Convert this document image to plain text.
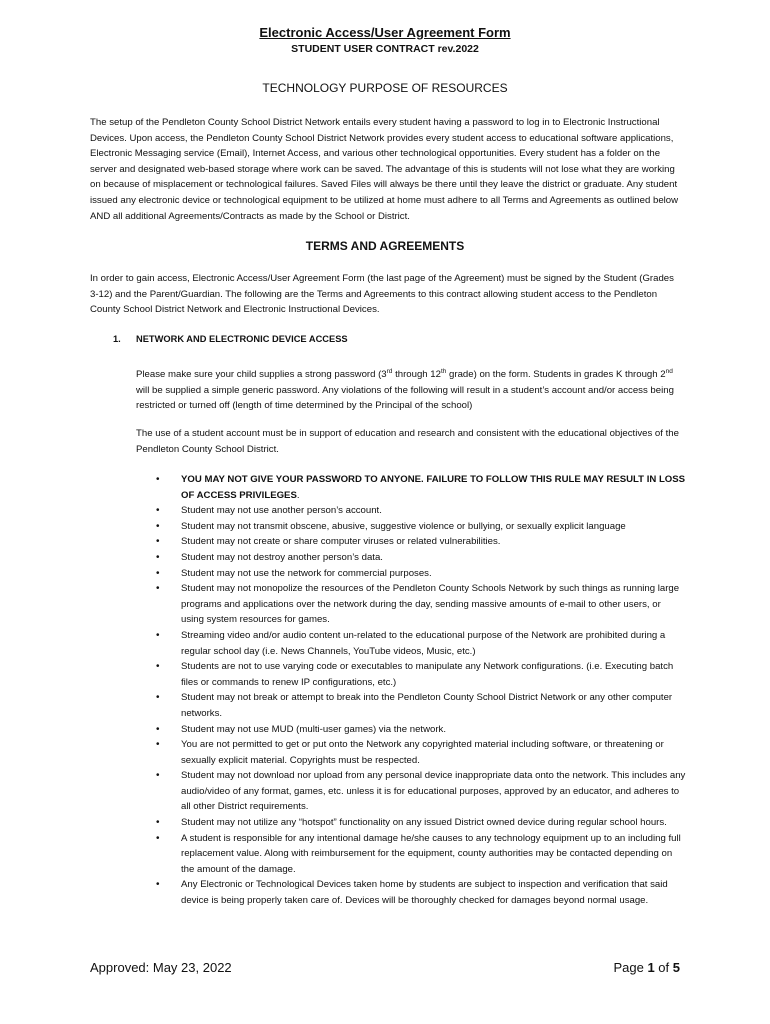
Electronic Access/User Agreement Form
STUDENT USER CONTRACT rev.2022
TECHNOLOGY PURPOSE OF RESOURCES
The setup of the Pendleton County School District Network entails every student having a password to log in to Electronic Instructional Devices. Upon access, the Pendleton County School District Network provides every student access to educational software applications, Electronic Messaging service (Email), Internet Access, and various other technological opportunities. Every student has a folder on the server and designated web-based storage where work can be saved. The advantage of this is students will not lose what they are working on because of misplacement or technological failures. Saved Files will always be there until they leave the district or graduate. Any student issued any electronic device or technological equipment to be utilized at home must adhere to all Terms and Agreements as outlined below AND all additional Agreements/Contracts as made by the School or District.
TERMS AND AGREEMENTS
In order to gain access, Electronic Access/User Agreement Form (the last page of the Agreement) must be signed by the Student (Grades 3-12) and the Parent/Guardian. The following are the Terms and Agreements to this contract allowing student access to the Pendleton County School District Network and Electronic Instructional Devices.
1. NETWORK AND ELECTRONIC DEVICE ACCESS
Please make sure your child supplies a strong password (3rd through 12th grade) on the form. Students in grades K through 2nd will be supplied a simple generic password. Any violations of the following will result in a student’s account and/or access being restricted or turned off (length of time determined by the Principal of the school)
The use of a student account must be in support of education and research and consistent with the educational objectives of the Pendleton County School District.
• YOU MAY NOT GIVE YOUR PASSWORD TO ANYONE. FAILURE TO FOLLOW THIS RULE MAY RESULT IN LOSS OF ACCESS PRIVILEGES.
• Student may not use another person’s account.
• Student may not transmit obscene, abusive, suggestive violence or bullying, or sexually explicit language
• Student may not create or share computer viruses or related vulnerabilities.
• Student may not destroy another person’s data.
• Student may not use the network for commercial purposes.
• Student may not monopolize the resources of the Pendleton County Schools Network by such things as running large programs and applications over the network during the day, sending massive amounts of e-mail to other users, or using system resources for games.
• Streaming video and/or audio content un-related to the educational purpose of the Network are prohibited during a regular school day (i.e. News Channels, YouTube videos, Music, etc.)
• Students are not to use varying code or executables to manipulate any Network configurations. (i.e. Executing batch files or commands to renew IP configurations, etc.)
• Student may not break or attempt to break into the Pendleton County School District Network or any other computer networks.
• Student may not use MUD (multi-user games) via the network.
• You are not permitted to get or put onto the Network any copyrighted material including software, or threatening or sexually explicit material. Copyrights must be respected.
• Student may not download nor upload from any personal device inappropriate data onto the network. This includes any audio/video of any format, games, etc. unless it is for educational purposes, approved by an educator, and adheres to all other District requirements.
• Student may not utilize any “hotspot” functionality on any issued District owned device during regular school hours.
• A student is responsible for any intentional damage he/she causes to any technology equipment up to an including full replacement value. Along with reimbursement for the equipment, county authorities may be contacted depending on the amount of the damage.
• Any Electronic or Technological Devices taken home by students are subject to inspection and verification that said device is being properly taken care of. Devices will be thoroughly checked for damages beyond normal usage.
Approved: May 23, 2022	Page 1 of 5
